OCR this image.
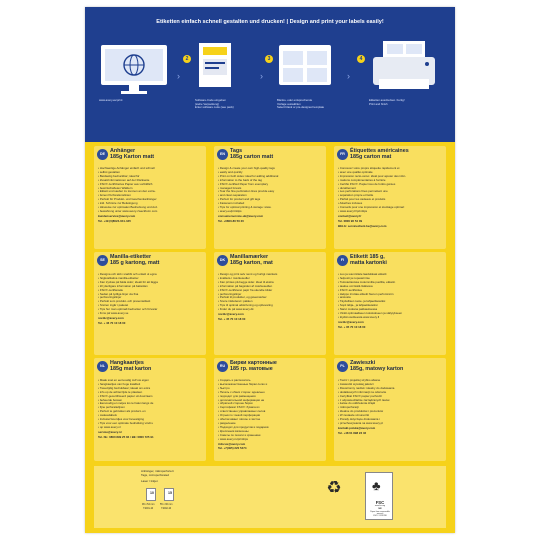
Etiketten einfach schnell gestalten und drucken! | Design and print your labels easily!
www.avery.eu/print
›
2
Software-Code eingeben
(siehe Verpackung)
Enter software code (see pack)
›
3
Blanko- oder entsprechende
Vorlage auswählen
Select blank or pre-designed template
›
4
Etiketten ausdrucken. Fertig!
Print and finish
DE Anhänger
185g Karton matt
• Hochwertige Anhänger einfach und schnell
• selbst gestalten
• Beidseitig bedruckbar; ideal für
• Zusatzinformationen auf der Rückseite
• FSC®-zertifiziertes Papier aus vorbildlich
• bewirtschafteten Wäldern
• Etikett und sauber zu trennen an den extra-
• feinen Perforationslinien
• Perfekt für Produkt- und Geschenkanhänger
• inkl. Schnüre zur Befestigung
• Hinweise zur optimalen Bedruckung und Auf-
• bewahrung unter www.avery-zweckform.com
kundenservice@avery.com
Tel. +49 (0)8024-641-345
EN Tags
185g carton matt
• Design & create your own high-quality tags
• easily and quickly
• Print on both sides: ideal for adding additional
• information to the back of the tag
• FSC®-certified Paper from exemplary
• managed forests
• Tear the fine perforation lines provide easy
• and clean separation
• Perfect for product and gift tags
• Fasteners included
• Tips for optimal printing & storage: www.
• avery.eu/printtips
consumerservice-uk@avery.com
Tel. +0800-80 50 20
FR Étiquettes américaines
185g carton mat
• Concevez votre propre étiquette rapidement et
• avec une qualité optimale
• Impression recto-verso: idéal pour ajouter des infor-
• mations complémentaires à l'arrière
• Certifié FSC®. Papier issu de forêts gérées
• durablement
• Les perforations fines permettent une
• séparation propre et facile
• Parfait pour les cadeaux et produits
• Attaches incluses
• Conseils pour une impression et stockage optimal:
• www.avery.fr/printtips
contact@avery.fr
Tel. 0800 96 54 09
BELG: serviceclient.be@avery.com
SE Manilla-etiketter
185 g kartong, matt
• Designa och skriv snabbt och enkelt ut egna
• högkvalitativa manilla-etiketter
• Kan tryckas på båda sidor; idealt för att lägga
• till ytterligare information på baksidan
• FSC®-certifierade
• Sedan på tydliga linjer via fina
• perforeringslinjer
• Perfekt som produkt- och presentetikett
• Snören ingår i paketet
• Tips hur man optimalt bedrucker och förvarar
• finns på www.avery.se
nordic@avery.com
Tel. + 46 70 10 18 00
DK Manillamærker
185g karton, mat
• Design og print selv nemt og hurtigt mærkets
• kvalitets-/ mærkesedler
• Kan printes på begge sider. Ideel til ekstra
• information på bagsiden af mærkesedlen
• FSC®-certificeret papir fra ukendte kilder
• perforeringslinjer
• Perfekt til produkter, og gavemærker
• Snore inkluderet i pakken
• Tips til optimal udskrivning og opbevaring
• finder du på www.avery.dk
nordic@avery.com
Tel. + 45 70 10 18 00
FI	Etiketit 185 g,
matta kartonki
• Luo ja suunnittele laadukkaat etiketit
• helposti ja nopeasti itse
• Tulostettavissa molemmilta puolilta, etiketin
• taakse voi lisätä lisätietoa
• FSC®-sertifioitua
• Helppo irrottaa etiketit hienon perforoinnin
• ansiosta
• Täydellisen tuote- ja lahjaetiketeiksi
• Sopii lahja-, ja lahjaetiketeiksi
• Narut mukana pakkauksessa
• Vinkit optimaaliseen tulostukseen ja säilytykseen
• löydät osoitteesta www.avery.fi
nordic@avery.com
Tel. + 35 70 10 18 00
NL Hangkaartjes
185g mat karton
• Maak snel en eenvoudig zelf uw eigen
• hangkaartjes van hoge kwaliteit
• Tweezijdig bedrukbaar; ideaal om extra
• info op de achterzijde te plaatsen
• FSC®-gecertificeerd papier uit duurzaam
• beheerde bossen
• Eenvoudig en netjes los te halen langs de
• fijne perforatielijnen
• Perfect te gebruiken als product- en
• cadeaulabels
• Inclusief koordjes voor bevestiging
• Tips voor een optimale bedrukking vindt u
• op www.avery.nl
service@avery.nl
Tel. NL: 0800 899 25 84 / BE: 0800 725 91
RU Бирки картонные
185 гр. матовые
• Создать и распечатать
• высококачественные бирки легко и
• быстро
• Печать с обеих сторон: идеально
• подходит для размещения
• дополнительной информации на
• обратной стороне бирки
• Сертификат FSC®: бумага из
• ответственно управляемых лесов
• Отрыв по тонкой перфорации
• обеспечивает лёгкое и чистое
• разделение
• Подходит для продуктов и подарков
• Крепления включены
• Советы по печати и хранению:
• www.avery.ru/printtips
infocus@avery.com
Tel. +7(495) 220 5474
PL Zawieszki
185g, matowy karton
• Twórz i projektuj szybko własne
• zawieszki wysokiej jakości
• Dwustronny nadruk: idealny do dodawania
• dodatkowych informacji na odwrocie
• Certyfikat FSC® papier pochodzi
• z odpowiedzialnie zarządzanych lasów
• Łatwe do oddzielenia dzięki
• mikroperforacji
• Idealne do produktów i prezentów
• W zestawie sznureczki
• Porady dotyczące drukowania i
• przechowywania na www.avery.pl
kontakt.polska@avery.com
Tel. +48 61 898 23 46
Anhänger, mikroperforiert
Tags, microperforated
Laser / Inkjet
10
96 x 54 mm
71001-10
15
55 x 36 mm
71002-10
♻ ♣
FSC
www.fsc.org
MIX
Paper from responsible sources
FSC® C019118
